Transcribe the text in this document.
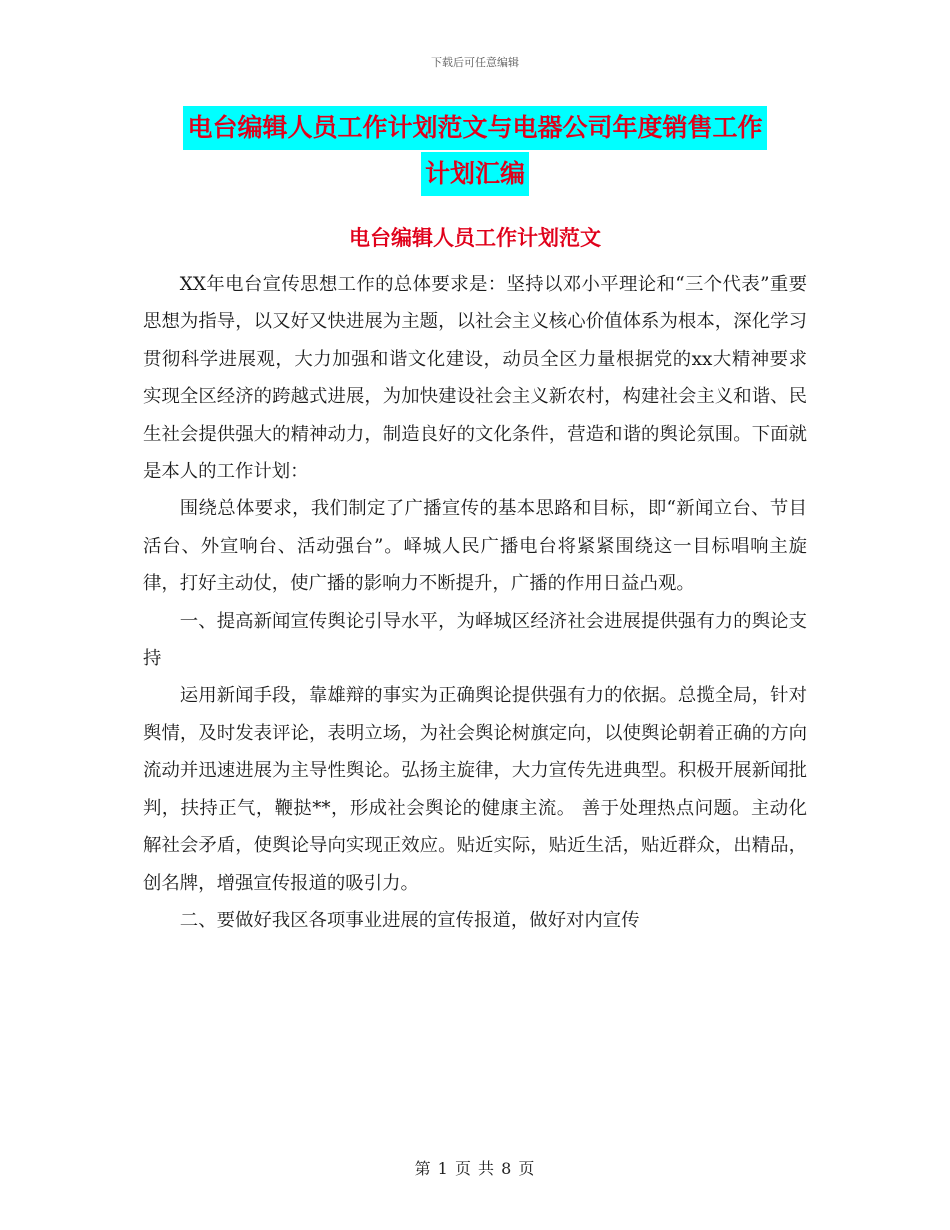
下载后可任意编辑
电台编辑人员工作计划范文与电器公司年度销售工作
计划汇编
电台编辑人员工作计划范文

XX年电台宣传思想工作的总体要求是：坚持以邓小平理论和“三个代表”重要思想为指导，以又好又快进展为主题，以社会主义核心价值体系为根本，深化学习贯彻科学进展观，大力加强和谐文化建设，动员全区力量根据党的xx大精神要求实现全区经济的跨越式进展，为加快建设社会主义新农村，构建社会主义和谐、民生社会提供强大的精神动力，制造良好的文化条件，营造和谐的舆论氛围。下面就是本人的工作计划：

围绕总体要求，我们制定了广播宣传的基本思路和目标，即“新闻立台、节目活台、外宣响台、活动强台”。峄城人民广播电台将紧紧围绕这一目标唱响主旋律，打好主动仗，使广播的影响力不断提升，广播的作用日益凸观。

一、提高新闻宣传舆论引导水平，为峄城区经济社会进展提供强有力的舆论支持

运用新闻手段，靠雄辩的事实为正确舆论提供强有力的依据。总揽全局，针对舆情，及时发表评论，表明立场，为社会舆论树旗定向，以使舆论朝着正确的方向流动并迅速进展为主导性舆论。弘扬主旋律，大力宣传先进典型。积极开展新闻批判，扶持正气，鞭挞**，形成社会舆论的健康主流。 善于处理热点问题。主动化解社会矛盾，使舆论导向实现正效应。贴近实际，贴近生活，贴近群众，出精品，创名牌，增强宣传报道的吸引力。

二、要做好我区各项事业进展的宣传报道，做好对内宣传

第 1 页 共 8 页
